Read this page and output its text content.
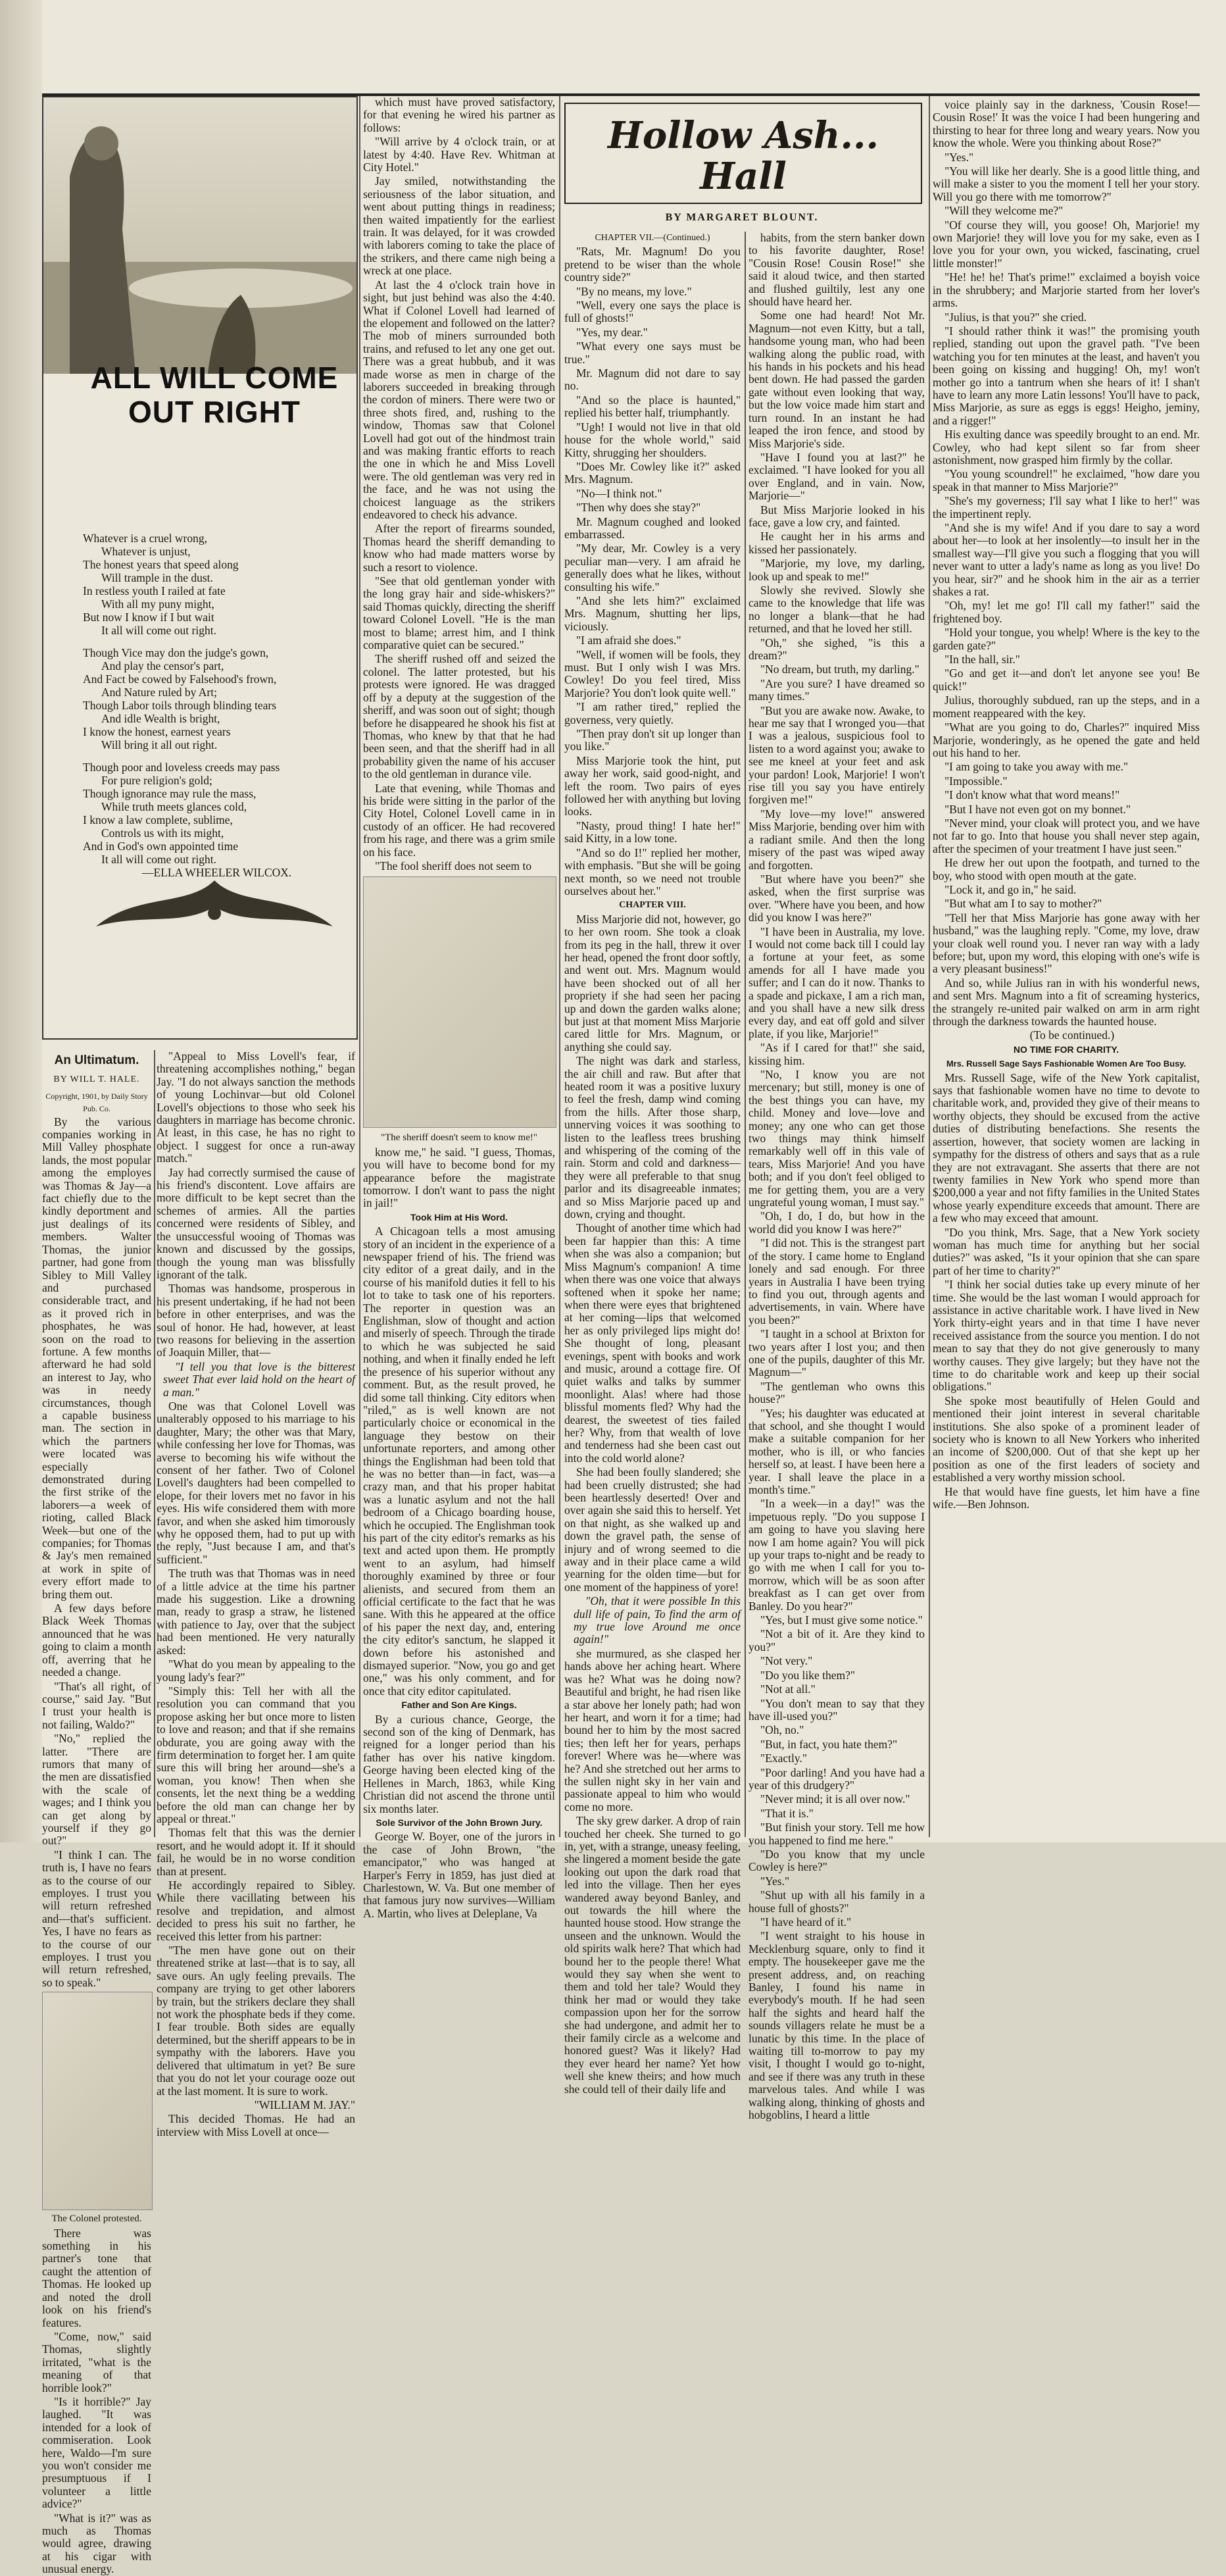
ALL WILL COME
OUT RIGHT
Whatever is a cruel wrong,
Whatever is unjust,
The honest years that speed along
Will trample in the dust.
In restless youth I railed at fate
With all my puny might,
But now I know if I but wait
It all will come out right.
Though Vice may don the judge's gown,
And play the censor's part,
And Fact be cowed by Falsehood's frown,
And Nature ruled by Art;
Though Labor toils through blinding tears
And idle Wealth is bright,
I know the honest, earnest years
Will bring it all out right.
Though poor and loveless creeds may pass
For pure religion's gold;
Though ignorance may rule the mass,
While truth meets glances cold,
I know a law complete, sublime,
Controls us with its might,
And in God's own appointed time
It all will come out right.
—ELLA WHEELER WILCOX.
An Ultimatum.
BY WILL T. HALE.
Copyright, 1901, by Daily Story Pub. Co.

By the various companies working in Mill Valley phosphate lands, the most popular among the employes was Thomas & Jay—a fact chiefly due to the kindly deportment and just dealings of its members. Walter Thomas, the junior partner, had gone from Sibley to Mill Valley and purchased considerable tract, and as it proved rich in phosphates, he was soon on the road to fortune. A few months afterward he had sold an interest to Jay, who was in needy circumstances, though a capable business man. The section in which the partners were located was especially demonstrated during the first strike of the laborers—a week of rioting, called Black Week—but one of the companies; for Thomas & Jay's men remained at work in spite of every effort made to bring them out.

A few days before Black Week Thomas announced that he was going to claim a month off, averring that he needed a change.

"That's all right, of course," said Jay. "But I trust your health is not failing, Waldo?"

"No," replied the latter. "There are rumors that many of the men are dissatisfied with the scale of wages; and I think you can get along by yourself if they go out?"

"I think I can. The truth is, I have no fears as to the course of our employes. I trust you will return refreshed and—that's sufficient. Yes, I have no fears as to the course of our employes. I trust you will return refreshed, so to speak."

The Colonel protested.

There was something in his partner's tone that caught the attention of Thomas. He looked up and noted the droll look on his friend's features.

"Come, now," said Thomas, slightly irritated, "what is the meaning of that horrible look?"

"Is it horrible?" Jay laughed. "It was intended for a look of commiseration. Look here, Waldo—I'm sure you won't consider me presumptuous if I volunteer a little advice?"

"What is it?" was as much as Thomas would agree, drawing at his cigar with unusual energy.

"Appeal to Miss Lovell's fear, if threatening accomplishes nothing," began Jay. "I do not always sanction the methods of young Lochinvar—but old Colonel Lovell's objections to those who seek his daughters in marriage has become chronic. At least, in this case, he has no right to object. I suggest for once a run-away match."

Jay had correctly surmised the cause of his friend's discontent. Love affairs are more difficult to be kept secret than the schemes of armies. All the parties concerned were residents of Sibley, and the unsuccessful wooing of Thomas was known and discussed by the gossips, though the young man was blissfully ignorant of the talk.

Thomas was handsome, prosperous in his present undertaking, if he had not been before in other enterprises, and was the soul of honor. He had, however, at least two reasons for believing in the assertion of Joaquin Miller, that—

"I tell you that love is the bitterest sweet That ever laid hold on the heart of a man."

One was that Colonel Lovell was unalterably opposed to his marriage to his daughter, Mary; the other was that Mary, while confessing her love for Thomas, was averse to becoming his wife without the consent of her father. Two of Colonel Lovell's daughters had been compelled to elope, for their lovers met no favor in his eyes. His wife considered them with more favor, and when she asked him timorously why he opposed them, had to put up with the reply, "Just because I am, and that's sufficient."

The truth was that Thomas was in need of a little advice at the time his partner made his suggestion. Like a drowning man, ready to grasp a straw, he listened with patience to Jay, over that the subject had been mentioned. He very naturally asked:

"What do you mean by appealing to the young lady's fear?"

"Simply this: Tell her with all the resolution you can command that you propose asking her but once more to listen to love and reason; and that if she remains obdurate, you are going away with the firm determination to forget her. I am quite sure this will bring her around—she's a woman, you know! Then when she consents, let the next thing be a wedding before the old man can change her by appeal or threat."

Thomas felt that this was the dernier resort, and he would adopt it. If it should fail, he would be in no worse condition than at present.

He accordingly repaired to Sibley. While there vacillating between his resolve and trepidation, and almost decided to press his suit no farther, he received this letter from his partner:

"The men have gone out on their threatened strike at last—that is to say, all save ours. An ugly feeling prevails. The company are trying to get other laborers by train, but the strikers declare they shall not work the phosphate beds if they come. I fear trouble. Both sides are equally determined, but the sheriff appears to be in sympathy with the laborers. Have you delivered that ultimatum in yet? Be sure that you do not let your courage ooze out at the last moment. It is sure to work.

"WILLIAM M. JAY."

This decided Thomas. He had an interview with Miss Lovell at once—

which must have proved satisfactory, for that evening he wired his partner as follows:

"Will arrive by 4 o'clock train, or at latest by 4:40. Have Rev. Whitman at City Hotel."

Jay smiled, notwithstanding the seriousness of the labor situation, and went about putting things in readiness; then waited impatiently for the earliest train. It was delayed, for it was crowded with laborers coming to take the place of the strikers, and there came nigh being a wreck at one place.

At last the 4 o'clock train hove in sight, but just behind was also the 4:40. What if Colonel Lovell had learned of the elopement and followed on the latter? The mob of miners surrounded both trains, and refused to let any one get out. There was a great hubbub, and it was made worse as men in charge of the laborers succeeded in breaking through the cordon of miners. There were two or three shots fired, and, rushing to the window, Thomas saw that Colonel Lovell had got out of the hindmost train and was making frantic efforts to reach the one in which he and Miss Lovell were. The old gentleman was very red in the face, and he was not using the choicest language as the strikers endeavored to check his advance.

After the report of firearms sounded, Thomas heard the sheriff demanding to know who had made matters worse by such a resort to violence.

"See that old gentleman yonder with the long gray hair and side-whiskers?" said Thomas quickly, directing the sheriff toward Colonel Lovell. "He is the man most to blame; arrest him, and I think comparative quiet can be secured."

The sheriff rushed off and seized the colonel. The latter protested, but his protests were ignored. He was dragged off by a deputy at the suggestion of the sheriff, and was soon out of sight; though before he disappeared he shook his fist at Thomas, who knew by that that he had been seen, and that the sheriff had in all probability given the name of his accuser to the old gentleman in durance vile.

Late that evening, while Thomas and his bride were sitting in the parlor of the City Hotel, Colonel Lovell came in in custody of an officer. He had recovered from his rage, and there was a grim smile on his face.

"The fool sheriff does not seem to

"The sheriff doesn't seem to know me!"

know me," he said. "I guess, Thomas, you will have to become bond for my appearance before the magistrate tomorrow. I don't want to pass the night in jail!"

Took Him at His Word.

A Chicagoan tells a most amusing story of an incident in the experience of a newspaper friend of his. The friend was city editor of a great daily, and in the course of his manifold duties it fell to his lot to take to task one of his reporters. The reporter in question was an Englishman, slow of thought and action and miserly of speech. Through the tirade to which he was subjected he said nothing, and when it finally ended he left the presence of his superior without any comment. But, as the result proved, he did some tall thinking. City editors when "riled," as is well known are not particularly choice or economical in the language they bestow on their unfortunate reporters, and among other things the Englishman had been told that he was no better than—in fact, was—a crazy man, and that his proper habitat was a lunatic asylum and not the hall bedroom of a Chicago boarding house, which he occupied. The Englishman took his part of the city editor's remarks as his text and acted upon them. He promptly went to an asylum, had himself thoroughly examined by three or four alienists, and secured from them an official certificate to the fact that he was sane. With this he appeared at the office of his paper the next day, and, entering the city editor's sanctum, he slapped it down before his astonished and dismayed superior. "Now, you go and get one," was his only comment, and for once that city editor capitulated.

Father and Son Are Kings.

By a curious chance, George, the second son of the king of Denmark, has reigned for a longer period than his father has over his native kingdom. George having been elected king of the Hellenes in March, 1863, while King Christian did not ascend the throne until six months later.

Sole Survivor of the John Brown Jury.

George W. Boyer, one of the jurors in the case of John Brown, "the emancipator," who was hanged at Harper's Ferry in 1859, has just died at Charlestown, W. Va. But one member of that famous jury now survives—William A. Martin, who lives at Deleplane, Va

Hollow Ash...
Hall
BY MARGARET BLOUNT.

CHAPTER VII.—(Continued.)

"Rats, Mr. Magnum! Do you pretend to be wiser than the whole country side?"

"By no means, my love."

"Well, every one says the place is full of ghosts!"

"Yes, my dear."

"What every one says must be true."

Mr. Magnum did not dare to say no.

"And so the place is haunted," replied his better half, triumphantly.

"Ugh! I would not live in that old house for the whole world," said Kitty, shrugging her shoulders.

"Does Mr. Cowley like it?" asked Mrs. Magnum.

"No—I think not."

"Then why does she stay?"

Mr. Magnum coughed and looked embarrassed.

"My dear, Mr. Cowley is a very peculiar man—very. I am afraid he generally does what he likes, without consulting his wife."

"And she lets him?" exclaimed Mrs. Magnum, shutting her lips, viciously.

"I am afraid she does."

"Well, if women will be fools, they must. But I only wish I was Mrs. Cowley! Do you feel tired, Miss Marjorie? You don't look quite well."

"I am rather tired," replied the governess, very quietly.

"Then pray don't sit up longer than you like."

Miss Marjorie took the hint, put away her work, said good-night, and left the room. Two pairs of eyes followed her with anything but loving looks.

"Nasty, proud thing! I hate her!" said Kitty, in a low tone.

"And so do I!" replied her mother, with emphasis. "But she will be going next month, so we need not trouble ourselves about her."

CHAPTER VIII.

Miss Marjorie did not, however, go to her own room. She took a cloak from its peg in the hall, threw it over her head, opened the front door softly, and went out. Mrs. Magnum would have been shocked out of all her propriety if she had seen her pacing up and down the garden walks alone; but just at that moment Miss Marjorie cared little for Mrs. Magnum, or anything she could say.

The night was dark and starless, the air chill and raw. But after that heated room it was a positive luxury to feel the fresh, damp wind coming from the hills. After those sharp, unnerving voices it was soothing to listen to the leafless trees brushing and whispering of the coming of the rain. Storm and cold and darkness—they were all preferable to that snug parlor and its disagreeable inmates; and so Miss Marjorie paced up and down, crying and thought.

Thought of another time which had been far happier than this: A time when she was also a companion; but Miss Magnum's companion! A time when there was one voice that always softened when it spoke her name; when there were eyes that brightened at her coming—lips that welcomed her as only privileged lips might do! She thought of long, pleasant evenings, spent with books and work and music, around a cottage fire. Of quiet walks and talks by summer moonlight. Alas! where had those blissful moments fled? Why had the dearest, the sweetest of ties failed her? Why, from that wealth of love and tenderness had she been cast out into the cold world alone?

She had been foully slandered; she had been cruelly distrusted; she had been heartlessly deserted! Over and over again she said this to herself. Yet on that night, as she walked up and down the gravel path, the sense of injury and of wrong seemed to die away and in their place came a wild yearning for the olden time—but for one moment of the happiness of yore!

"Oh, that it were possible In this dull life of pain, To find the arm of my true love Around me once again!"

she murmured, as she clasped her hands above her aching heart. Where was he? What was he doing now? Beautiful and bright, he had risen like a star above her lonely path; had won her heart, and worn it for a time; had bound her to him by the most sacred ties; then left her for years, perhaps forever! Where was he—where was he? And she stretched out her arms to the sullen night sky in her vain and passionate appeal to him who would come no more.

The sky grew darker. A drop of rain touched her cheek. She turned to go in, yet, with a strange, uneasy feeling, she lingered a moment beside the gate looking out upon the dark road that led into the village. Then her eyes wandered away beyond Banley, and out towards the hill where the haunted house stood. How strange the unseen and the unknown. Would the old spirits walk here? That which had bound her to the people there! What would they say when she went to them and told her tale? Would they think her mad or would they take compassion upon her for the sorrow she had undergone, and admit her to their family circle as a welcome and honored guest? Was it likely? Had they ever heard her name? Yet how well she knew theirs; and how much she could tell of their daily life and

habits, from the stern banker down to his favorite daughter, Rose! "Cousin Rose! Cousin Rose!" she said it aloud twice, and then started and flushed guiltily, lest any one should have heard her.

Some one had heard! Not Mr. Magnum—not even Kitty, but a tall, handsome young man, who had been walking along the public road, with his hands in his pockets and his head bent down. He had passed the garden gate without even looking that way, but the low voice made him start and turn round. In an instant he had leaped the iron fence, and stood by Miss Marjorie's side.

"Have I found you at last?" he exclaimed. "I have looked for you all over England, and in vain. Now, Marjorie—"

But Miss Marjorie looked in his face, gave a low cry, and fainted.

He caught her in his arms and kissed her passionately.

"Marjorie, my love, my darling, look up and speak to me!"

Slowly she revived. Slowly she came to the knowledge that life was no longer a blank—that he had returned, and that he loved her still.

"Oh," she sighed, "is this a dream?"

"No dream, but truth, my darling."

"Are you sure? I have dreamed so many times."

"But you are awake now. Awake, to hear me say that I wronged you—that I was a jealous, suspicious fool to listen to a word against you; awake to see me kneel at your feet and ask your pardon! Look, Marjorie! I won't rise till you say you have entirely forgiven me!"

"My love—my love!" answered Miss Marjorie, bending over him with a radiant smile. And then the long misery of the past was wiped away and forgotten.

"But where have you been?" she asked, when the first surprise was over. "Where have you been, and how did you know I was here?"

"I have been in Australia, my love. I would not come back till I could lay a fortune at your feet, as some amends for all I have made you suffer; and I can do it now. Thanks to a spade and pickaxe, I am a rich man, and you shall have a new silk dress every day, and eat off gold and silver plate, if you like, Marjorie!"

"As if I cared for that!" she said, kissing him.

"No, I know you are not mercenary; but still, money is one of the best things you can have, my child. Money and love—love and money; any one who can get those two things may think himself remarkably well off in this vale of tears, Miss Marjorie! And you have both; and if you don't feel obliged to me for getting them, you are a very ungrateful young woman, I must say."

"Oh, I do, I do, but how in the world did you know I was here?"

"I did not. This is the strangest part of the story. I came home to England lonely and sad enough. For three years in Australia I have been trying to find you out, through agents and advertisements, in vain. Where have you been?"

"I taught in a school at Brixton for two years after I lost you; and then one of the pupils, daughter of this Mr. Magnum—"

"The gentleman who owns this house?"

"Yes; his daughter was educated at that school, and she thought I would make a suitable companion for her mother, who is ill, or who fancies herself so, at least. I have been here a year. I shall leave the place in a month's time."

"In a week—in a day!" was the impetuous reply. "Do you suppose I am going to have you slaving here now I am home again? You will pick up your traps to-night and be ready to go with me when I call for you to-morrow, which will be as soon after breakfast as I can get over from Banley. Do you hear?"

"Yes, but I must give some notice."

"Not a bit of it. Are they kind to you?"

"Not very."

"Do you like them?"

"Not at all."

"You don't mean to say that they have ill-used you?"

"Oh, no."

"But, in fact, you hate them?"

"Exactly."

"Poor darling! And you have had a year of this drudgery?"

"Never mind; it is all over now."

"That it is."

"But finish your story. Tell me how you happened to find me here."

"Do you know that my uncle Cowley is here?"

"Yes."

"Shut up with all his family in a house full of ghosts?"

"I have heard of it."

"I went straight to his house in Mecklenburg square, only to find it empty. The housekeeper gave me the present address, and, on reaching Banley, I found his name in everybody's mouth. If he had seen half the sights and heard half the sounds villagers relate he must be a lunatic by this time. In the place of waiting till to-morrow to pay my visit, I thought I would go to-night, and see if there was any truth in these marvelous tales. And while I was walking along, thinking of ghosts and hobgoblins, I heard a little

voice plainly say in the darkness, 'Cousin Rose!—Cousin Rose!' It was the voice I had been hungering and thirsting to hear for three long and weary years. Now you know the whole. Were you thinking about Rose?"

"Yes."

"You will like her dearly. She is a good little thing, and will make a sister to you the moment I tell her your story. Will you go there with me tomorrow?"

"Will they welcome me?"

"Of course they will, you goose! Oh, Marjorie! my own Marjorie! they will love you for my sake, even as I love you for your own, you wicked, fascinating, cruel little monster!"

"He! he! he! That's prime!" exclaimed a boyish voice in the shrubbery; and Marjorie started from her lover's arms.

"Julius, is that you?" she cried.

"I should rather think it was!" the promising youth replied, standing out upon the gravel path. "I've been watching you for ten minutes at the least, and haven't you been going on kissing and hugging! Oh, my! won't mother go into a tantrum when she hears of it! I shan't have to learn any more Latin lessons! You'll have to pack, Miss Marjorie, as sure as eggs is eggs! Heigho, jeminy, and a rigger!"

His exulting dance was speedily brought to an end. Mr. Cowley, who had kept silent so far from sheer astonishment, now grasped him firmly by the collar.

"You young scoundrel!" he exclaimed, "how dare you speak in that manner to Miss Marjorie?"

"She's my governess; I'll say what I like to her!" was the impertinent reply.

"And she is my wife! And if you dare to say a word about her—to look at her insolently—to insult her in the smallest way—I'll give you such a flogging that you will never want to utter a lady's name as long as you live! Do you hear, sir?" and he shook him in the air as a terrier shakes a rat.

"Oh, my! let me go! I'll call my father!" said the frightened boy.

"Hold your tongue, you whelp! Where is the key to the garden gate?"

"In the hall, sir."

"Go and get it—and don't let anyone see you! Be quick!"

Julius, thoroughly subdued, ran up the steps, and in a moment reappeared with the key.

"What are you going to do, Charles?" inquired Miss Marjorie, wonderingly, as he opened the gate and held out his hand to her.

"I am going to take you away with me."

"Impossible."

"I don't know what that word means!"

"But I have not even got on my bonnet."

"Never mind, your cloak will protect you, and we have not far to go. Into that house you shall never step again, after the specimen of your treatment I have just seen."

He drew her out upon the footpath, and turned to the boy, who stood with open mouth at the gate.

"Lock it, and go in," he said.

"But what am I to say to mother?"

"Tell her that Miss Marjorie has gone away with her husband," was the laughing reply. "Come, my love, draw your cloak well round you. I never ran way with a lady before; but, upon my word, this eloping with one's wife is a very pleasant business!"

And so, while Julius ran in with his wonderful news, and sent Mrs. Magnum into a fit of screaming hysterics, the strangely re-united pair walked on arm in arm right through the darkness towards the haunted house.

(To be continued.)

NO TIME FOR CHARITY.

Mrs. Russell Sage Says Fashionable Women Are Too Busy.

Mrs. Russell Sage, wife of the New York capitalist, says that fashionable women have no time to devote to charitable work, and, provided they give of their means to worthy objects, they should be excused from the active duties of distributing benefactions. She resents the assertion, however, that society women are lacking in sympathy for the distress of others and says that as a rule they are not extravagant. She asserts that there are not twenty families in New York who spend more than $200,000 a year and not fifty families in the United States whose yearly expenditure exceeds that amount. There are a few who may exceed that amount.

"Do you think, Mrs. Sage, that a New York society woman has much time for anything but her social duties?" was asked, "Is it your opinion that she can spare part of her time to charity?"

"I think her social duties take up every minute of her time. She would be the last woman I would approach for assistance in active charitable work. I have lived in New York thirty-eight years and in that time I have never received assistance from the source you mention. I do not mean to say that they do not give generously to many worthy causes. They give largely; but they have not the time to do charitable work and keep up their social obligations."

She spoke most beautifully of Helen Gould and mentioned their joint interest in several charitable institutions. She also spoke of a prominent leader of society who is known to all New Yorkers who inherited an income of $200,000. Out of that she kept up her position as one of the first leaders of society and established a very worthy mission school.

He that would have fine guests, let him have a fine wife.—Ben Johnson.
